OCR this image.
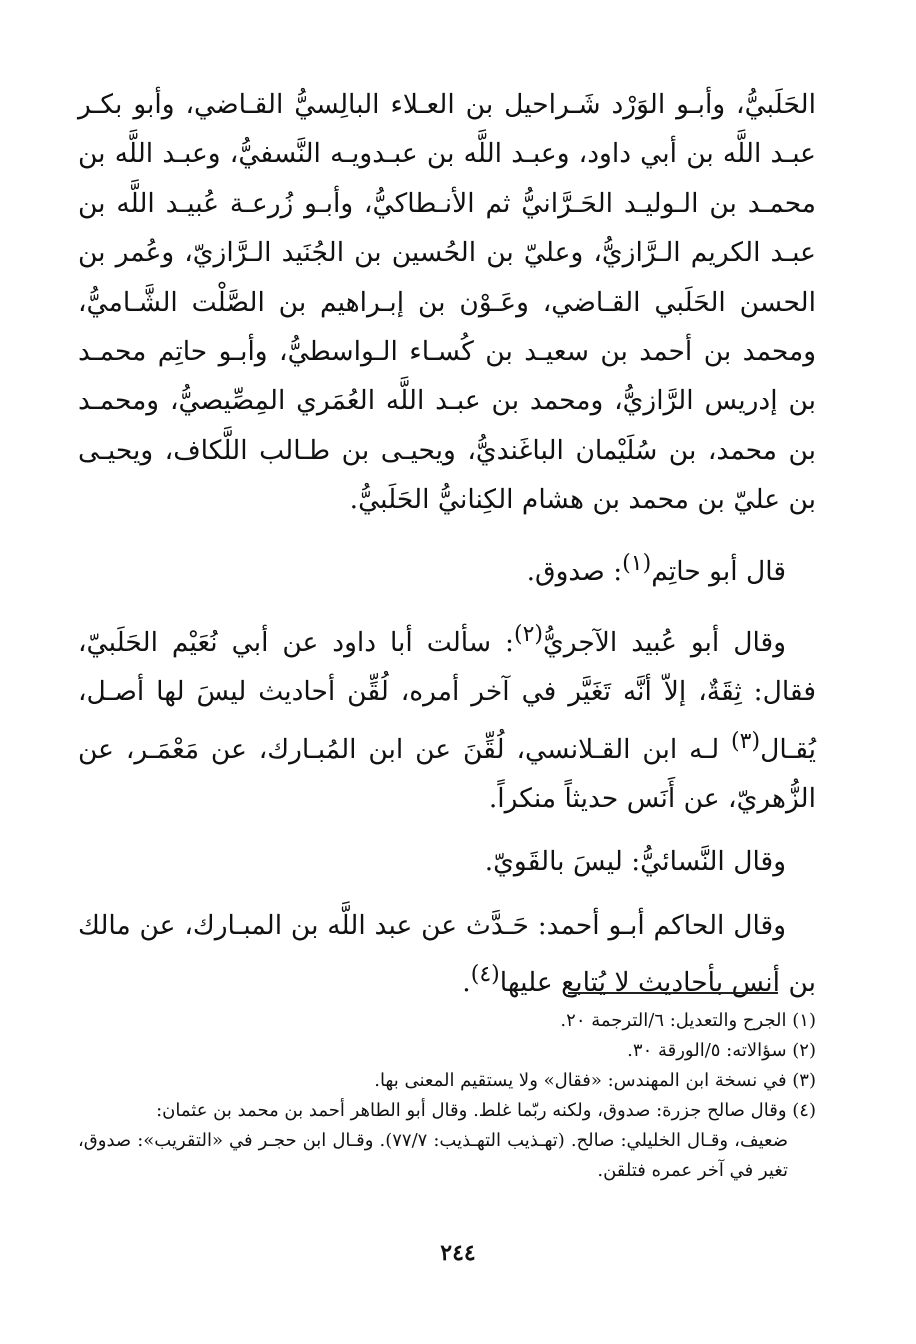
الحَلَبيُّ، وأبـو الوَرْد شَـراحيل بن العـلاء البالِسيُّ القـاضي، وأبو بكـر عبـد اللَّه بن أبي داود، وعبـد اللَّه بن عبـدويـه النَّسفيُّ، وعبـد اللَّه بن محمـد بن الـوليـد الحَـرَّانيُّ ثم الأنـطاكيُّ، وأبـو زُرعـة عُبيـد اللَّه بن عبـد الكريم الـرَّازيُّ، وعليّ بن الحُسين بن الجُنَيد الـرَّازيّ، وعُمر بن الحسن الحَلَبي القـاضي، وعَـوْن بن إبـراهيم بن الصَّلْت الشَّـاميُّ، ومحمد بن أحمد بن سعيـد بن كُسـاء الـواسطيُّ، وأبـو حاتِم محمـد بن إدريس الرَّازيُّ، ومحمد بن عبـد اللَّه العُمَري المِصِّيصيُّ، ومحمـد بن محمد، بن سُلَيْمان الباغَنديُّ، ويحيـى بن طـالب اللَّكاف، ويحيـى بن عليّ بن محمد بن هشام الكِنانيُّ الحَلَبيُّ.

قال أبو حاتِم$^{(١)}$: صدوق.

وقال أبو عُبيد الآجريُّ$^{(٢)}$: سألت أبا داود عن أبي نُعَيْم الحَلَبيّ، فقال: ثِقَةٌ، إلاّ أنَّه تَغَيَّر في آخر أمره، لُقِّن أحاديث ليسَ لها أصـل، يُقـال$^{(٣)}$ لـه ابن القـلانسي، لُقِّنَ عن ابن المُبـارك، عن مَعْمَـر، عن الزُّهريّ، عن أَنَس حديثاً منكراً.

وقال النَّسائيُّ: ليسَ بالقَويّ.

وقال الحاكم أبـو أحمد: حَـدَّث عن عبد اللَّه بن المبـارك، عن مالك بن أنس بأحاديث لا يُتابع عليها$^{(٤)}$.

(١) الجرح والتعديل: ٦/الترجمة ٢٠.

(٢) سؤالاته: ٥/الورقة ٣٠.

(٣) في نسخة ابن المهندس: «فقال» ولا يستقيم المعنى بها.

(٤) وقال صالح جزرة: صدوق، ولكنه ربّما غلط. وقال أبو الطاهر أحمد بن محمد بن عثمان:

ضعيف، وقـال الخليلي: صالح. (تهـذيب التهـذيب: ٧٧/٧). وقـال ابن حجـر في «التقريب»: صدوق، تغير في آخر عمره فتلقن.

٢٤٤
